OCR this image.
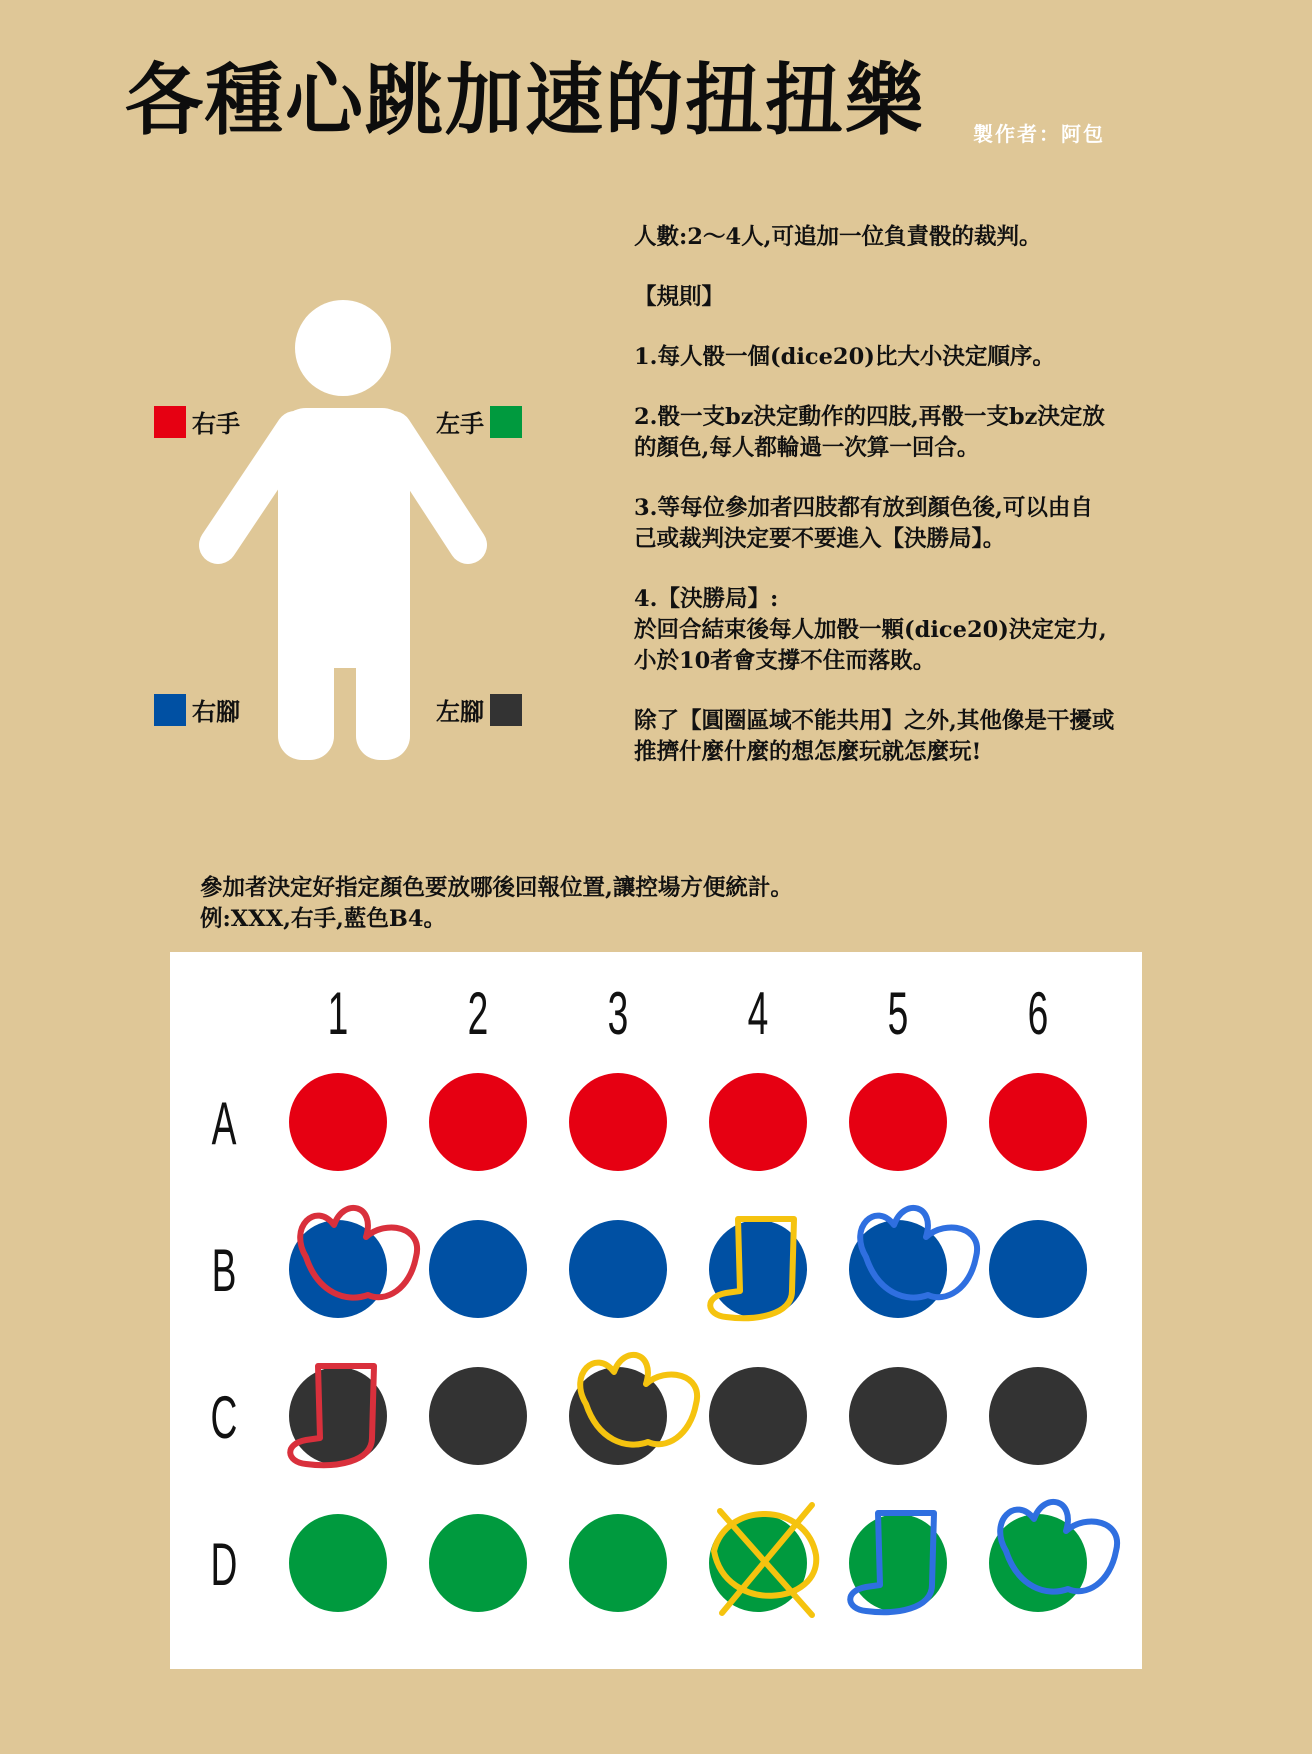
各種心跳加速的扭扭樂 製作者：阿包
右手	左手
右腳	左腳

人數:2～4人,可追加一位負責骰的裁判。

【規則】

1.每人骰一個(dice20)比大小決定順序。

2.骰一支bz決定動作的四肢,再骰一支bz決定放
的顏色,每人都輪過一次算一回合。

3.等每位參加者四肢都有放到顏色後,可以由自
己或裁判決定要不要進入【決勝局】。

4.【決勝局】:
於回合結束後每人加骰一顆(dice20)決定定力,
小於10者會支撐不住而落敗。

除了【圓圈區域不能共用】之外,其他像是干擾或
推擠什麼什麼的想怎麼玩就怎麼玩!

參加者決定好指定顏色要放哪後回報位置,讓控場方便統計。
例:XXX,右手,藍色B4。
1 2 3 4 5 6
A
B
C
D
